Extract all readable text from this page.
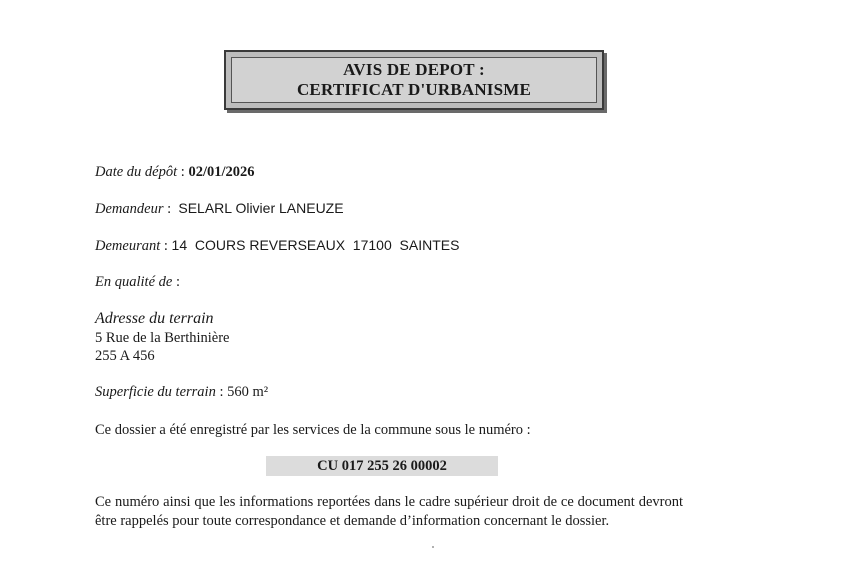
AVIS DE DEPOT :
CERTIFICAT D'URBANISME
Date du dépôt : 02/01/2026
Demandeur :  SELARL Olivier LANEUZE
Demeurant : 14  COURS REVERSEAUX  17100  SAINTES
En qualité de :
Adresse du terrain
5 Rue de la Berthinière
255 A 456
Superficie du terrain : 560 m²
Ce dossier a été enregistré par les services de la commune sous le numéro :
CU 017 255 26 00002
Ce numéro ainsi que les informations reportées dans le cadre supérieur droit de ce document devront être rappelés pour toute correspondance et demande d’information concernant le dossier.
